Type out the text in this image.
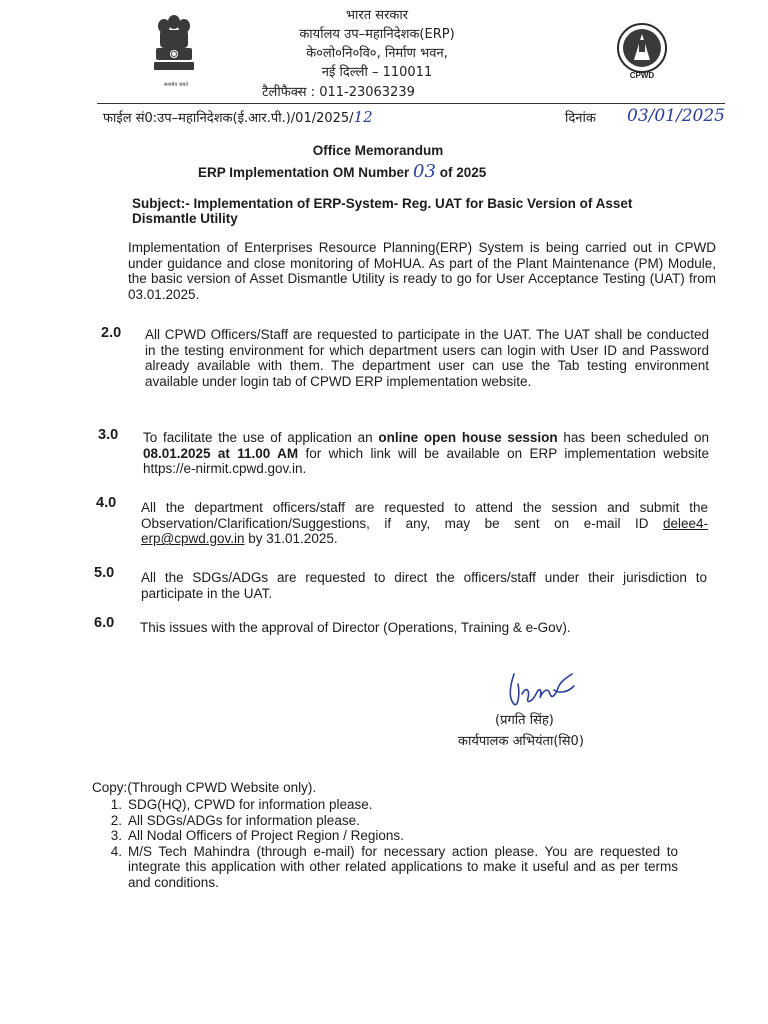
सत्यमेव जयते
भारत सरकार
कार्यालय उप–महानिदेशक(ERP)
के०लो०नि०वि०, निर्माण भवन,
नई दिल्ली – 110011
टैलीफैक्स : 011-23063239
CPWD
फाईल सं0:उप–महानिदेशक(ई.आर.पी.)/01/2025/12	दिनांक 03/01/2025
Office Memorandum
ERP Implementation OM Number 03 of 2025
Subject:- Implementation of ERP-System- Reg. UAT for Basic Version of Asset Dismantle Utility
Implementation of Enterprises Resource Planning(ERP) System is being carried out in CPWD under guidance and close monitoring of MoHUA. As part of the Plant Maintenance (PM) Module, the basic version of Asset Dismantle Utility is ready to go for User Acceptance Testing (UAT) from 03.01.2025.
2.0 All CPWD Officers/Staff are requested to participate in the UAT. The UAT shall be conducted in the testing environment for which department users can login with User ID and Password already available with them. The department user can use the Tab testing environment available under login tab of CPWD ERP implementation website.
3.0 To facilitate the use of application an online open house session has been scheduled on 08.01.2025 at 11.00 AM for which link will be available on ERP implementation website https://e-nirmit.cpwd.gov.in.
4.0 All the department officers/staff are requested to attend the session and submit the Observation/Clarification/Suggestions, if any, may be sent on e-mail ID delee4-erp@cpwd.gov.in by 31.01.2025.
5.0 All the SDGs/ADGs are requested to direct the officers/staff under their jurisdiction to participate in the UAT.
6.0 This issues with the approval of Director (Operations, Training & e-Gov).
(प्रगति सिंह)
कार्यपालक अभियंता(सि0)
Copy:(Through CPWD Website only).
1. SDG(HQ), CPWD for information please.
2. All SDGs/ADGs for information please.
3. All Nodal Officers of Project Region / Regions.
4. M/S Tech Mahindra (through e-mail) for necessary action please. You are requested to integrate this application with other related applications to make it useful and as per terms and conditions.
